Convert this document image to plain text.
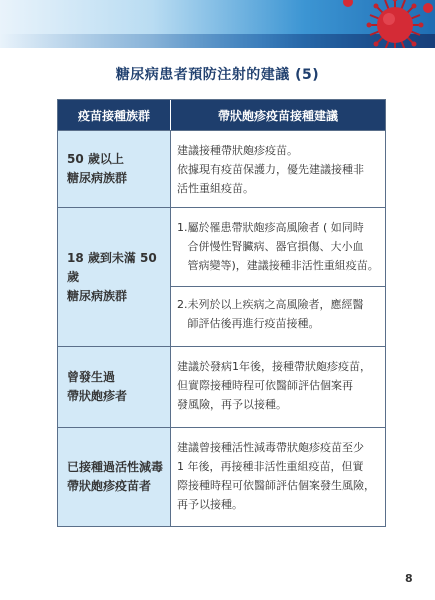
糖尿病患者預防注射的建議 (5)
疫苗接種族群	帶狀皰疹疫苗接種建議
50 歲以上
糖尿病族群
建議接種帶狀皰疹疫苗。
依據現有疫苗保護力，優先建議接種非
活性重組疫苗。
18 歲到未滿 50 歲
糖尿病族群
1. 屬於罹患帶狀皰疹高風險者 ( 如同時
合併慢性腎臟病、器官損傷、大小血
管病變等)，建議接種非活性重組疫苗。
2. 未列於以上疾病之高風險者，應經醫
師評估後再進行疫苗接種。
曾發生過
帶狀皰疹者
建議於發病1年後，接種帶狀皰疹疫苗，
但實際接種時程可依醫師評估個案再
發風險，再予以接種。
已接種過活性減毒
帶狀皰疹疫苗者
建議曾接種活性減毒帶狀皰疹疫苗至少
1 年後，再接種非活性重組疫苗，但實
際接種時程可依醫師評估個案發生風險，
再予以接種。
8
